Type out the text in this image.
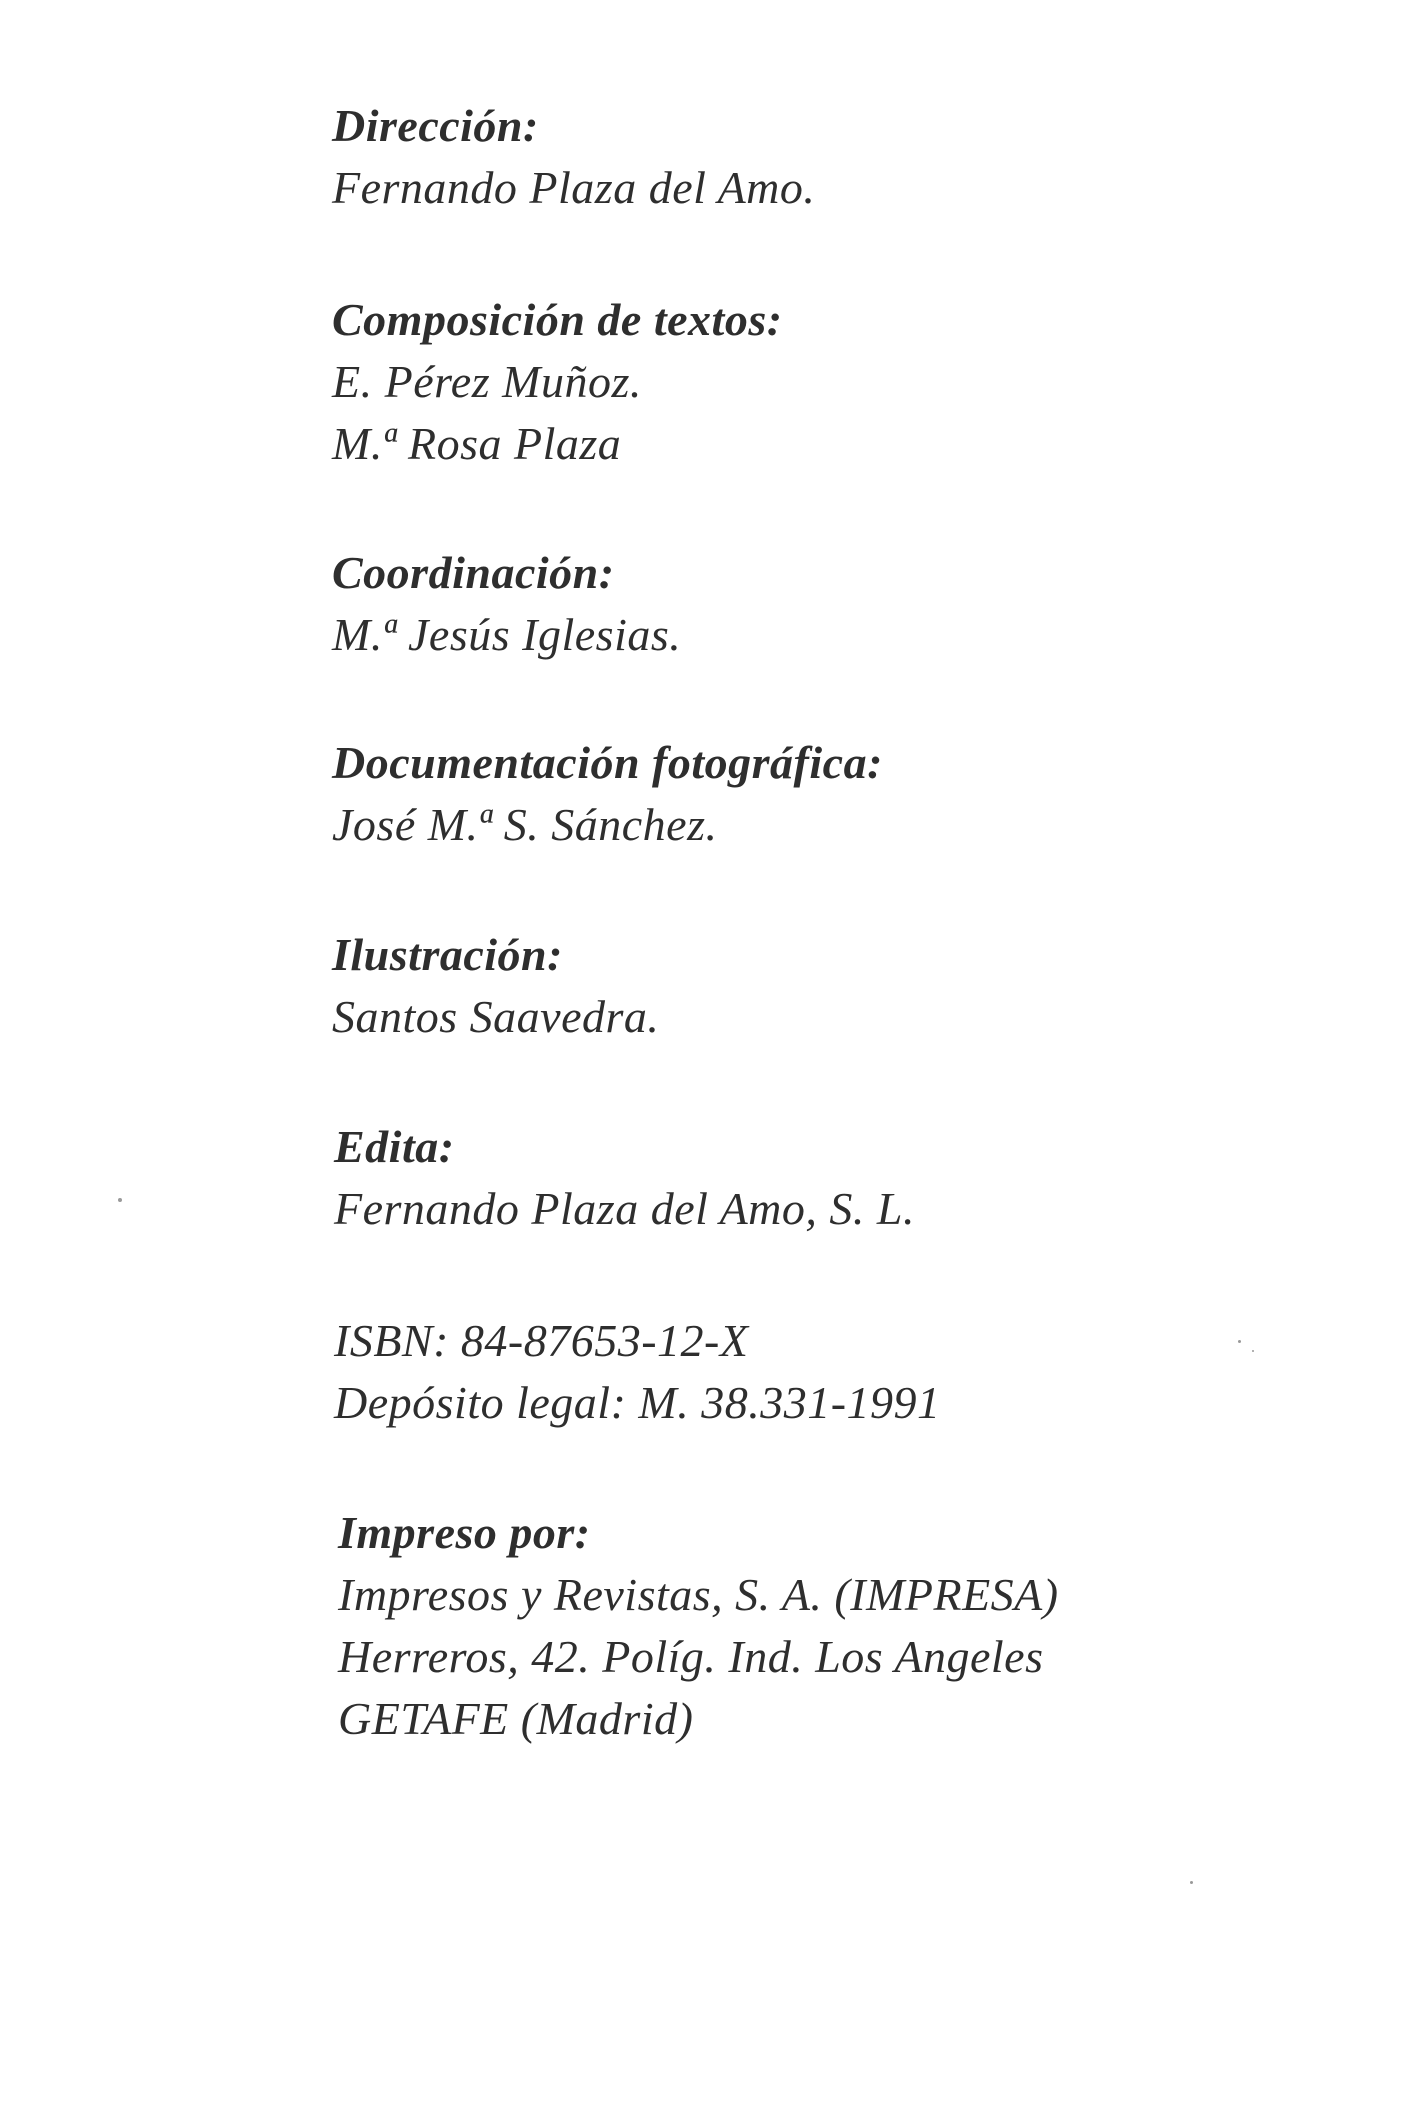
Dirección:
Fernando Plaza del Amo.
Composición de textos:
E. Pérez Muñoz.
M.ª Rosa Plaza
Coordinación:
M.ª Jesús Iglesias.
Documentación fotográfica:
José M.ª S. Sánchez.
Ilustración:
Santos Saavedra.
Edita:
Fernando Plaza del Amo, S. L.
ISBN: 84-87653-12-X
Depósito legal: M. 38.331-1991
Impreso por:
Impresos y Revistas, S. A. (IMPRESA)
Herreros, 42. Políg. Ind. Los Angeles
GETAFE (Madrid)
